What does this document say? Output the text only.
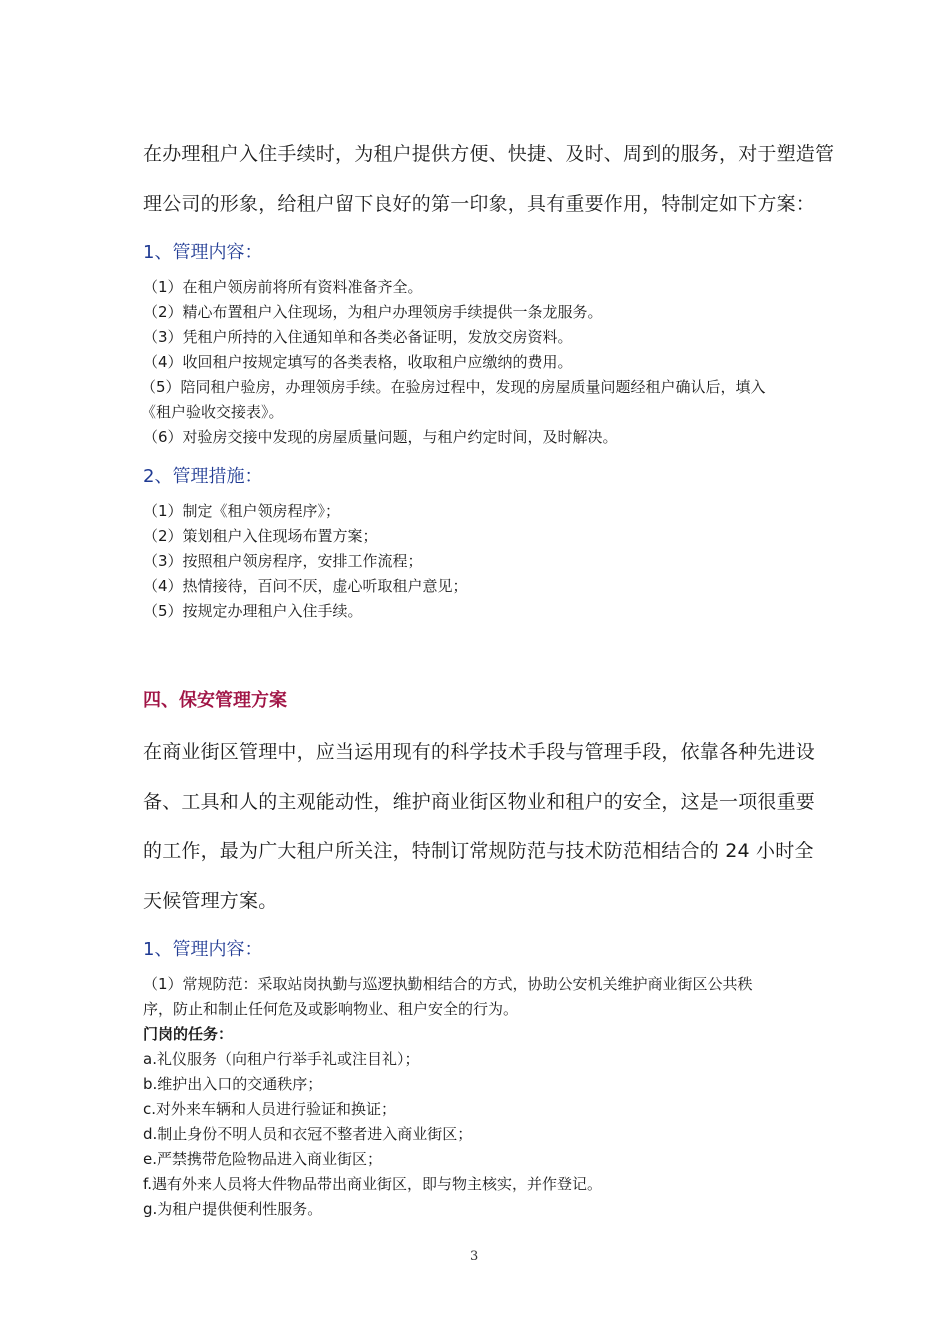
在办理租户入住手续时，为租户提供方便、快捷、及时、周到的服务，对于塑造管
理公司的形象，给租户留下良好的第一印象，具有重要作用，特制定如下方案：
1、管理内容：
（1）在租户领房前将所有资料准备齐全。
（2）精心布置租户入住现场，为租户办理领房手续提供一条龙服务。
（3）凭租户所持的入住通知单和各类必备证明，发放交房资料。
（4）收回租户按规定填写的各类表格，收取租户应缴纳的费用。
（5）陪同租户验房，办理领房手续。在验房过程中，发现的房屋质量问题经租户确认后，填入
《租户验收交接表》。
（6）对验房交接中发现的房屋质量问题，与租户约定时间，及时解决。
2、管理措施：
（1）制定《租户领房程序》；
（2）策划租户入住现场布置方案；
（3）按照租户领房程序，安排工作流程；
（4）热情接待，百问不厌，虚心听取租户意见；
（5）按规定办理租户入住手续。
四、保安管理方案
在商业街区管理中，应当运用现有的科学技术手段与管理手段，依靠各种先进设
备、工具和人的主观能动性，维护商业街区物业和租户的安全，这是一项很重要
的工作，最为广大租户所关注，特制订常规防范与技术防范相结合的 24 小时全
天候管理方案。
1、管理内容：
（1）常规防范：采取站岗执勤与巡逻执勤相结合的方式，协助公安机关维护商业街区公共秩
序，防止和制止任何危及或影响物业、租户安全的行为。
门岗的任务：
a.礼仪服务（向租户行举手礼或注目礼）；
b.维护出入口的交通秩序；
c.对外来车辆和人员进行验证和换证；
d.制止身份不明人员和衣冠不整者进入商业街区；
e.严禁携带危险物品进入商业街区；
f.遇有外来人员将大件物品带出商业街区，即与物主核实，并作登记。
g.为租户提供便利性服务。
3
